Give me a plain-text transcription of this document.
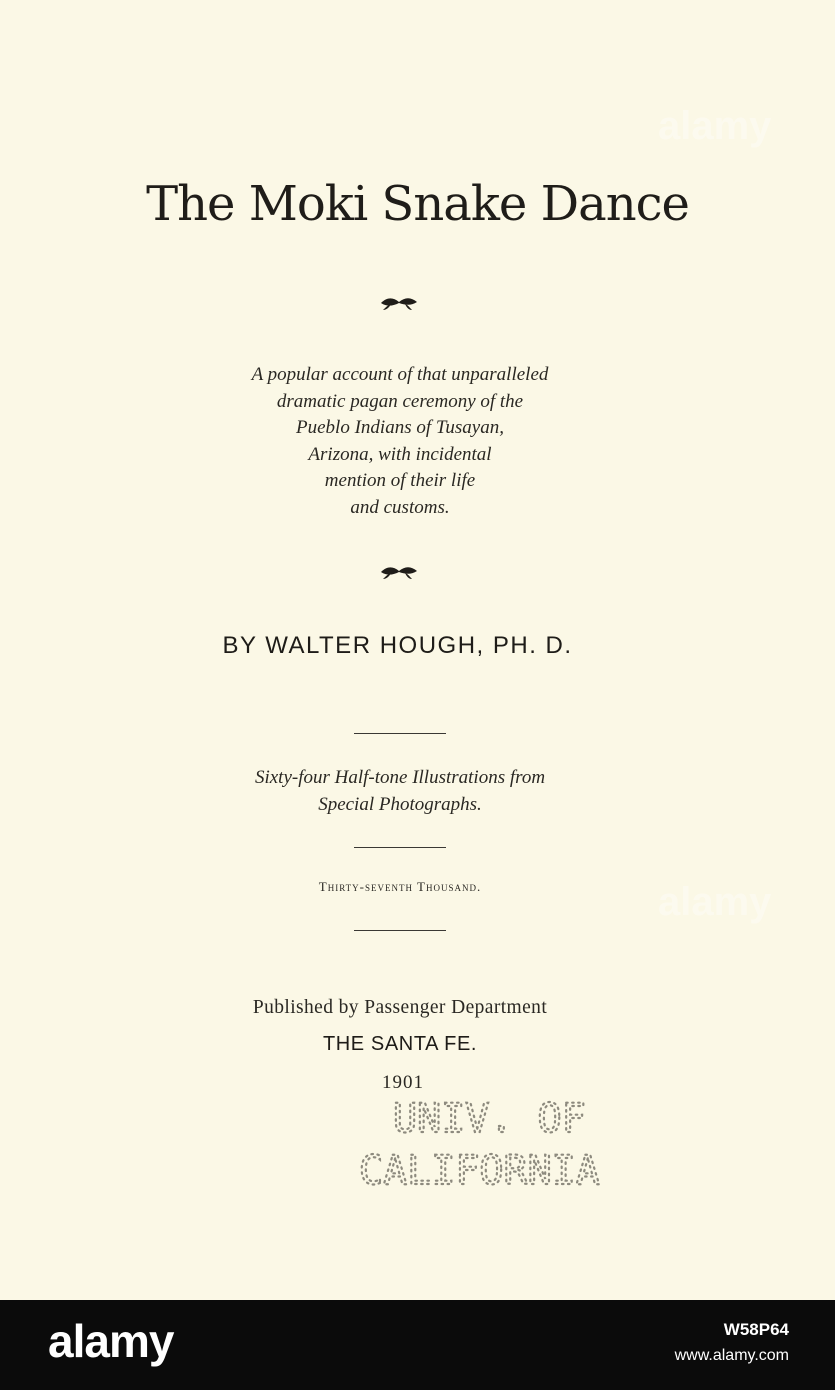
The Moki Snake Dance
A popular account of that unparalleled
dramatic pagan ceremony of the
Pueblo Indians of Tusayan,
Arizona, with incidental
mention of their life
and customs.
BY WALTER HOUGH, PH. D.
Sixty-four Half-tone Illustrations from
Special Photographs.
Thirty-seventh Thousand.
Published by Passenger Department
THE SANTA FE.
1901
UNIV. OF
CALIFORNIA
alamy
alamy
alamy	W58P64
www.alamy.com
